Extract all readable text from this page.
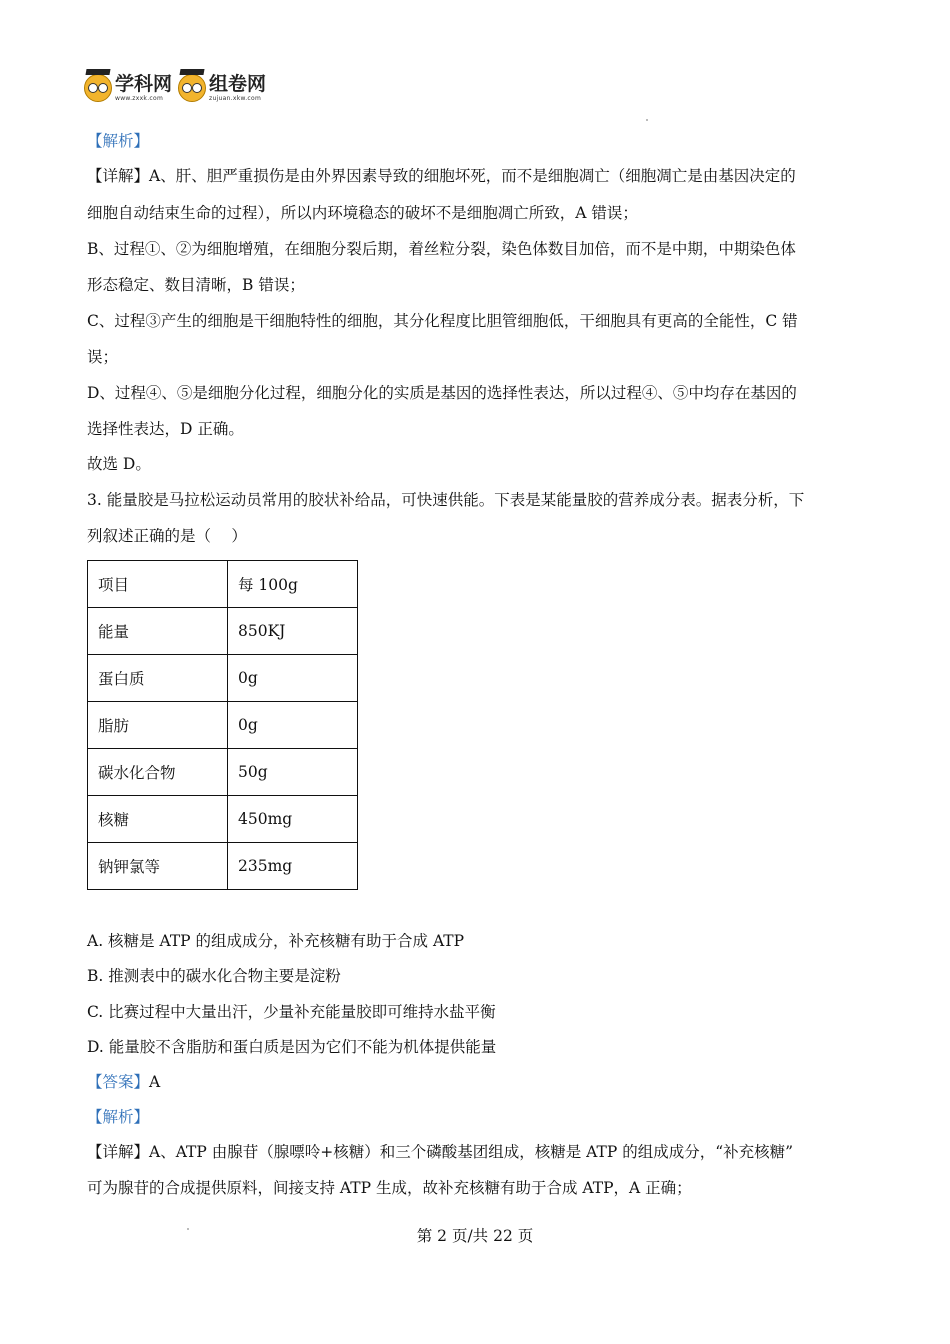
学科网
www.zxxk.com
组卷网
zujuan.xkw.com
【解析】
【详解】A、肝、胆严重损伤是由外界因素导致的细胞坏死，而不是细胞凋亡（细胞凋亡是由基因决定的
细胞自动结束生命的过程），所以内环境稳态的破坏不是细胞凋亡所致，A 错误；
B、过程①、②为细胞增殖，在细胞分裂后期，着丝粒分裂，染色体数目加倍，而不是中期，中期染色体
形态稳定、数目清晰，B 错误；
C、过程③产生的细胞是干细胞特性的细胞，其分化程度比胆管细胞低，干细胞具有更高的全能性，C 错
误；
D、过程④、⑤是细胞分化过程，细胞分化的实质是基因的选择性表达，所以过程④、⑤中均存在基因的
选择性表达，D 正确。
故选 D。
3. 能量胶是马拉松运动员常用的胶状补给品，可快速供能。下表是某能量胶的营养成分表。据表分析，下
列叙述正确的是（　 ）
项目	每 100g
能量	850KJ
蛋白质	0g
脂肪	0g
碳水化合物	50g
核糖	450mg
钠钾氯等	235mg
A. 核糖是 ATP 的组成成分，补充核糖有助于合成 ATP
B. 推测表中的碳水化合物主要是淀粉
C. 比赛过程中大量出汗，少量补充能量胶即可维持水盐平衡
D. 能量胶不含脂肪和蛋白质是因为它们不能为机体提供能量
【答案】A
【解析】
【详解】A、ATP 由腺苷（腺嘌呤+核糖）和三个磷酸基团组成，核糖是 ATP 的组成成分，“补充核糖”
可为腺苷的合成提供原料，间接支持 ATP 生成，故补充核糖有助于合成 ATP，A 正确；
第 2 页/共 22 页
